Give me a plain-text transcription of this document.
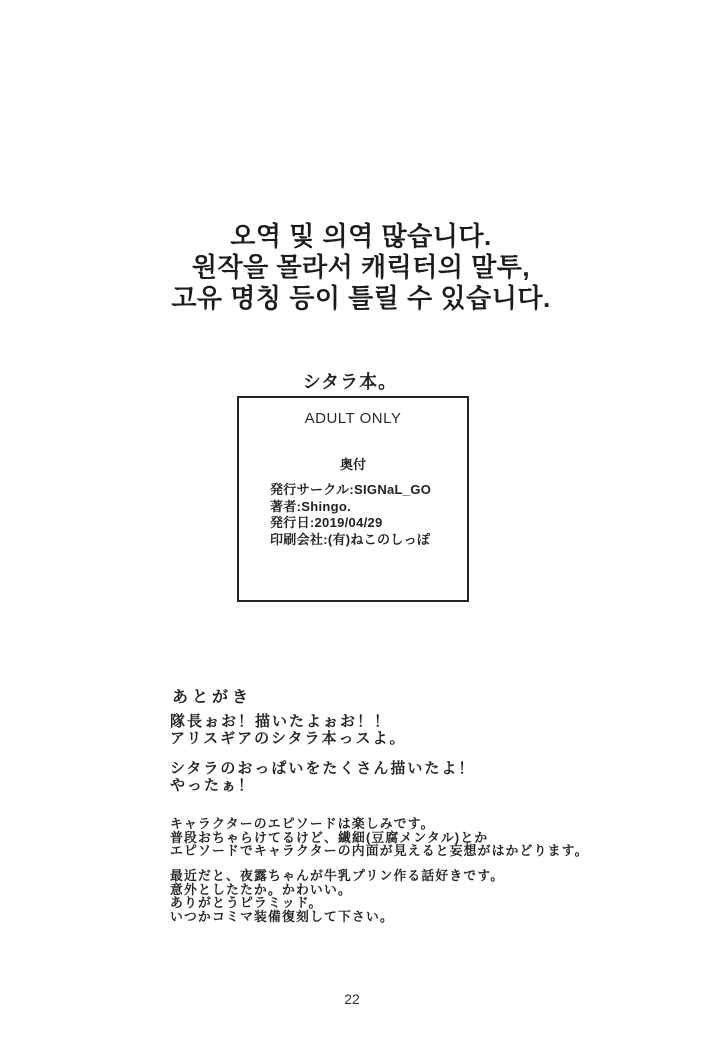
오역 및 의역 많습니다.
원작을 몰라서 캐릭터의 말투,
고유 명칭 등이 틀릴 수 있습니다.
シタラ本。
ADULT ONLY
奥付
発行サークル:SIGNaL_GO
著者:Shingo.
発行日:2019/04/29
印刷会社:(有)ねこのしっぽ
あとがき

隊長ぉお！描いたよぉお！！
アリスギアのシタラ本っスよ。

シタラのおっぱいをたくさん描いたよ！
やったぁ！

キャラクターのエピソードは楽しみです。
普段おちゃらけてるけど、繊細(豆腐メンタル)とか
エピソードでキャラクターの内面が見えると妄想がはかどります。

最近だと、夜露ちゃんが牛乳プリン作る話好きです。
意外としたたか。かわいい。
ありがとうピラミッド。
いつかコミマ装備復刻して下さい。

22
